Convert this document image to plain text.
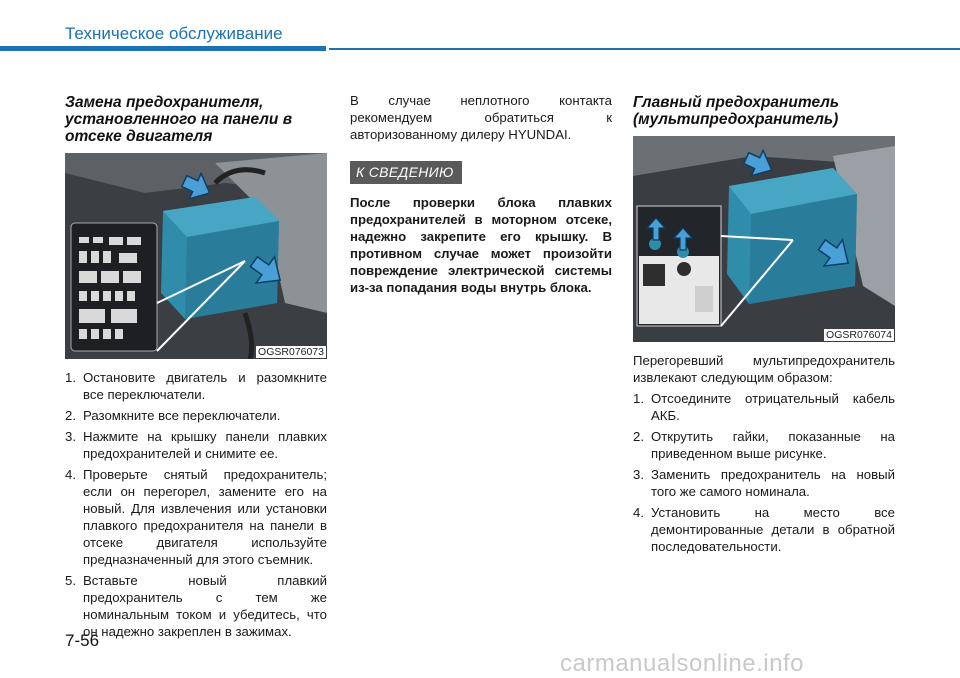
Техническое обслуживание
Замена предохранителя,
установленного на панели в
отсеке двигателя
OGSR076073
1. Остановите двигатель и разомкните все переключатели.
2. Разомкните все переключатели.
3. Нажмите на крышку панели плавких предохранителей и снимите ее.
4. Проверьте снятый предохранитель; если он перегорел, замените его на новый. Для извлечения или установки плавкого предохранителя на панели в отсеке двигателя используйте предназначенный для этого съемник.
5. Вставьте новый плавкий предохранитель с тем же номинальным током и убедитесь, что он надежно закреплен в зажимах.

В случае неплотного контакта рекомендуем обратиться к авторизованному дилеру HYUNDAI.

К СВЕДЕНИЮ

После проверки блока плавких предохранителей в моторном отсеке, надежно закрепите его крышку. В противном случае может произойти повреждение электрической системы из-за попадания воды внутрь блока.

Главный предохранитель
(мультипредохранитель)
OGSR076074

Перегоревший мультипредохранитель извлекают следующим образом:

1. Отсоедините отрицательный кабель АКБ.
2. Открутить гайки, показанные на приведенном выше рисунке.
3. Заменить предохранитель на новый того же самого номинала.
4. Установить на место все демонтированные детали в обратной последовательности.
7-56
carmanualsonline.info
